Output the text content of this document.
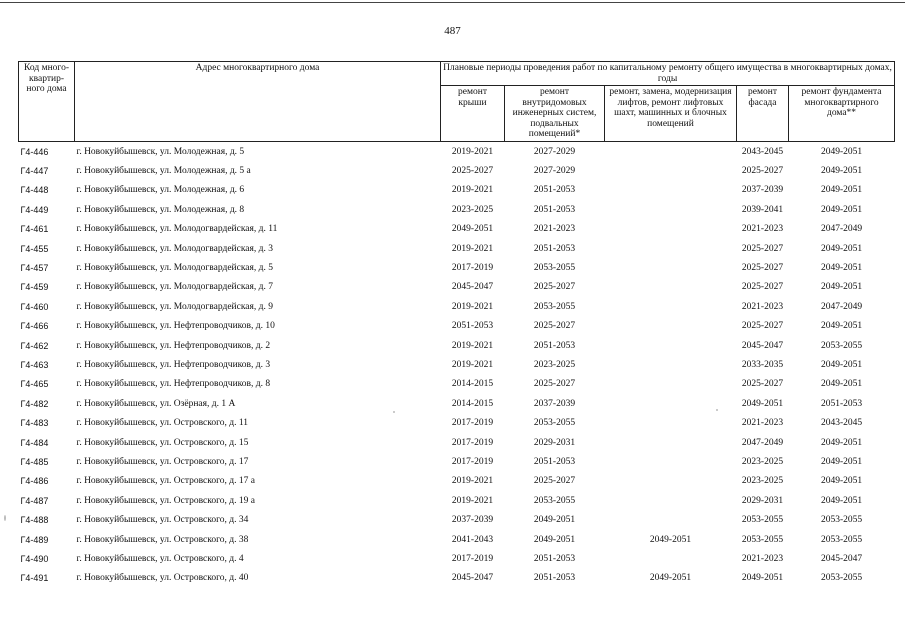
487
Код много-квартир-ного дома	Адрес многоквартирного дома	Плановые периоды проведения работ по капитальному ремонту общего имущества в многоквартирных домах, годы				
		ремонт крыши	ремонт внутридомовых инженерных систем, подвальных помещений*	ремонт, замена, модернизация лифтов, ремонт лифтовых шахт, машинных и блочных помещений	ремонт фасада	ремонт фундамента многоквартирного дома**
Г4-446	г. Новокуйбышевск, ул. Молодежная, д. 5	2019-2021	2027-2029		2043-2045	2049-2051
Г4-447	г. Новокуйбышевск, ул. Молодежная, д. 5 а	2025-2027	2027-2029		2025-2027	2049-2051
Г4-448	г. Новокуйбышевск, ул. Молодежная, д. 6	2019-2021	2051-2053		2037-2039	2049-2051
Г4-449	г. Новокуйбышевск, ул. Молодежная, д. 8	2023-2025	2051-2053		2039-2041	2049-2051
Г4-461	г. Новокуйбышевск, ул. Молодогвардейская, д. 11	2049-2051	2021-2023		2021-2023	2047-2049
Г4-455	г. Новокуйбышевск, ул. Молодогвардейская, д. 3	2019-2021	2051-2053		2025-2027	2049-2051
Г4-457	г. Новокуйбышевск, ул. Молодогвардейская, д. 5	2017-2019	2053-2055		2025-2027	2049-2051
Г4-459	г. Новокуйбышевск, ул. Молодогвардейская, д. 7	2045-2047	2025-2027		2025-2027	2049-2051
Г4-460	г. Новокуйбышевск, ул. Молодогвардейская, д. 9	2019-2021	2053-2055		2021-2023	2047-2049
Г4-466	г. Новокуйбышевск, ул. Нефтепроводчиков, д. 10	2051-2053	2025-2027		2025-2027	2049-2051
Г4-462	г. Новокуйбышевск, ул. Нефтепроводчиков, д. 2	2019-2021	2051-2053		2045-2047	2053-2055
Г4-463	г. Новокуйбышевск, ул. Нефтепроводчиков, д. 3	2019-2021	2023-2025		2033-2035	2049-2051
Г4-465	г. Новокуйбышевск, ул. Нефтепроводчиков, д. 8	2014-2015	2025-2027		2025-2027	2049-2051
Г4-482	г. Новокуйбышевск, ул. Озёрная, д. 1 А	2014-2015	2037-2039		2049-2051	2051-2053
Г4-483	г. Новокуйбышевск, ул. Островского, д. 11	2017-2019	2053-2055		2021-2023	2043-2045
Г4-484	г. Новокуйбышевск, ул. Островского, д. 15	2017-2019	2029-2031		2047-2049	2049-2051
Г4-485	г. Новокуйбышевск, ул. Островского, д. 17	2017-2019	2051-2053		2023-2025	2049-2051
Г4-486	г. Новокуйбышевск, ул. Островского, д. 17 а	2019-2021	2025-2027		2023-2025	2049-2051
Г4-487	г. Новокуйбышевск, ул. Островского, д. 19 а	2019-2021	2053-2055		2029-2031	2049-2051
Г4-488	г. Новокуйбышевск, ул. Островского, д. 34	2037-2039	2049-2051		2053-2055	2053-2055
Г4-489	г. Новокуйбышевск, ул. Островского, д. 38	2041-2043	2049-2051	2049-2051	2053-2055	2053-2055
Г4-490	г. Новокуйбышевск, ул. Островского, д. 4	2017-2019	2051-2053		2021-2023	2045-2047
Г4-491	г. Новокуйбышевск, ул. Островского, д. 40	2045-2047	2051-2053	2049-2051	2049-2051	2053-2055
